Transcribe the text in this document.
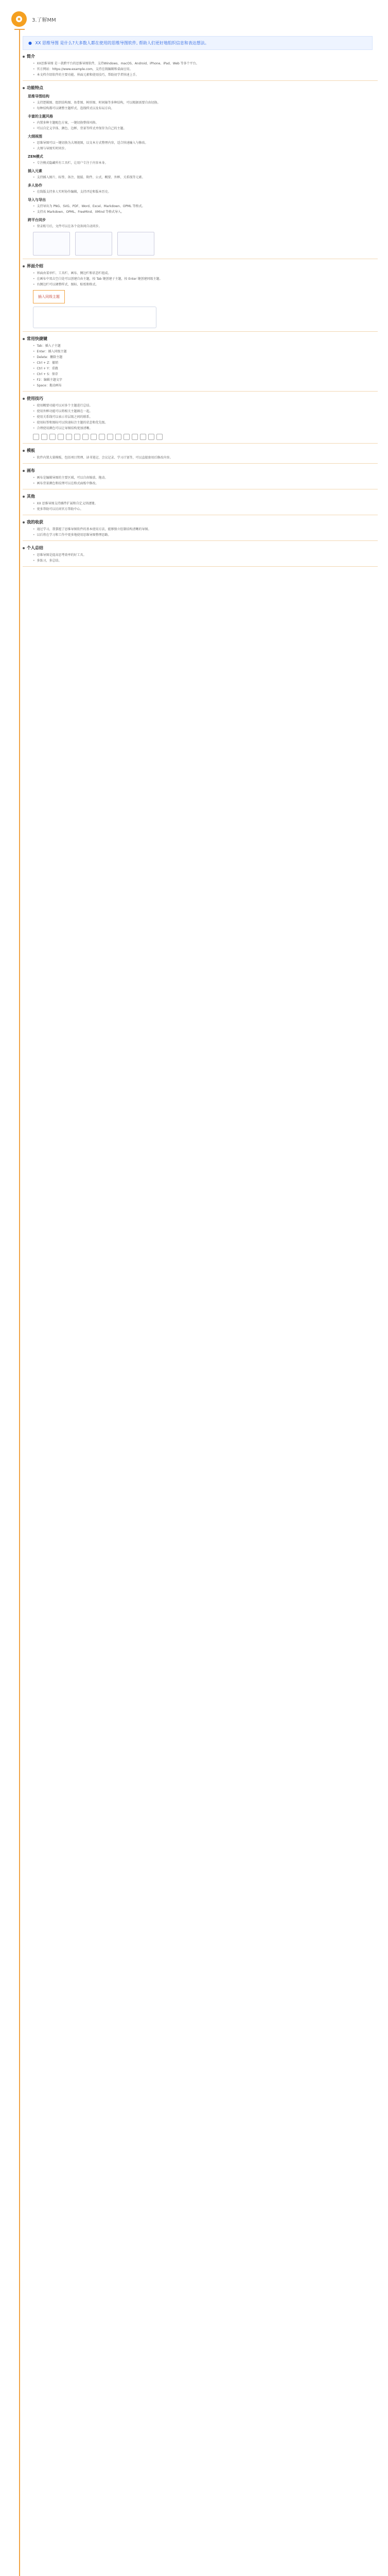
3.了解MM
● XX 思维导图 是什么?大多数人都在使用的思维导图软件, 帮助人们更好地组织信息和表达想法。
简介
• XX思维导图 是一款跨平台的思维导图软件，支持Windows、macOS、Android、iPhone、iPad、Web 等多个平台。
• 官方网站：https://www.example.com，支持在线编辑和桌面应用。
• 本文档介绍软件的主要功能、界面元素和使用技巧，帮助初学者快速上手。
功能特点
思维导图结构
• 支持逻辑图、组织结构图、鱼骨图、树形图、时间轴等多种结构，可以根据需要自由切换。
• 每种结构都可以调整主题样式、连线样式以及布局方向。
丰富的主题风格
• 内置多种主题配色方案，一键切换整体风格。
• 可以自定义字体、颜色、边框、背景等样式并保存为自己的主题。
大纲视图
• 思维导图可以一键切换为大纲视图，以文本方式整理内容，适合快速输入与修改。
• 大纲与导图实时同步。
ZEN模式
• 专注模式隐藏所有工具栏，让用户专注于内容本身。
插入元素
• 支持插入图片、标签、备注、链接、附件、公式、概要、外框、关系线等元素。
多人协作
• 在线版支持多人实时协作编辑，支持评论和版本历史。
导入与导出
• 支持导出为 PNG、SVG、PDF、Word、Excel、Markdown、OPML 等格式。
• 支持从 Markdown、OPML、FreeMind、XMind 等格式导入。
跨平台同步
• 登录账号后，文件可以在各个设备间自动同步。
界面介绍
• 界面由菜单栏、工具栏、画布、侧边栏和状态栏组成。
• 在画布中双击空白处可以创建自由主题，按 Tab 键创建子主题，按 Enter 键创建同级主题。
• 右侧边栏可以调整样式、图标、贴纸和格式。
插入同级主题
常用快捷键
• Tab：插入子主题
• Enter：插入同级主题
• Delete：删除主题
• Ctrl + Z：撤销
• Ctrl + Y：重做
• Ctrl + S：保存
• F2：编辑主题文字
• Space：拖动画布
使用技巧
• 使用概要功能可以对多个主题进行总结。
• 使用外框功能可以将相关主题圈在一起。
• 使用关系线可以表示非层级之间的联系。
• 使用标签和图标可以快速标注主题的状态和优先级。
• 合理使用颜色可以让导图结构更加清晰。
模板
• 软件内置大量模板，包括项目管理、读书笔记、会议记录、学习计划等，可以直接套用后修改内容。
画布
• 画布是编辑导图的主要区域，可以自由缩放、拖动。
• 画布背景颜色和纹理可以在格式面板中修改。
其他
• XX 思维导图支持插件扩展和自定义快捷键。
• 更多帮助可以访问官方帮助中心。
我的收获
• 通过学习，我掌握了思维导图软件的基本使用方法，能够独立绘制结构清晰的导图。
• 以后将在学习和工作中更多地使用思维导图整理思路。
个人总结
• 思维导图是提高思考效率的好工具。
• 多练习，多总结。
